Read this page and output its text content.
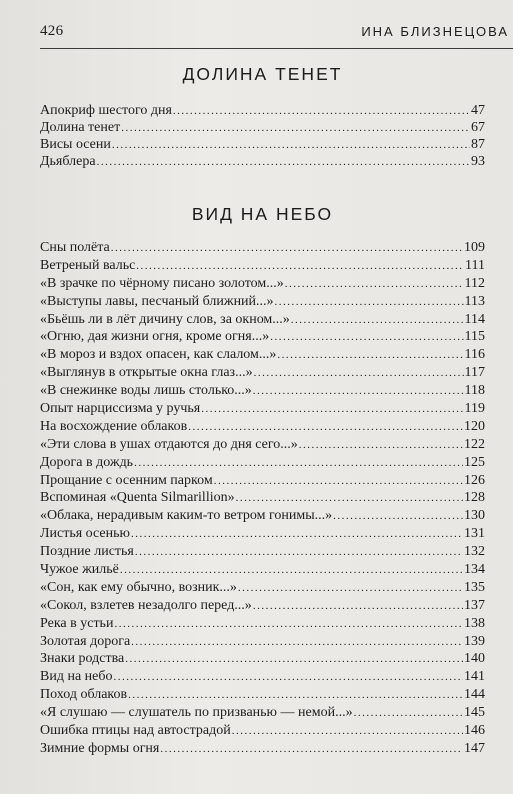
426	ИНА БЛИЗНЕЦОВА
ДОЛИНА ТЕНЕТ
Апокриф шестого дня .....	47
Долина тенет .....	67
Висы осени .....	87
Дьяблера .....	93
ВИД НА НЕБО
Сны полёта .....	109
Ветреный вальс .....	111
«В зрачке по чёрному писано золотом...» .....	112
«Выступы лавы, песчаный ближний...» .....	113
«Бьёшь ли в лёт дичину слов, за окном...» .....	114
«Огню, дая жизни огня, кроме огня...» .....	115
«В мороз и вздох опасен, как слалом...» .....	116
«Выглянув в открытые окна глаз...» .....	117
«В снежинке воды лишь столько...» .....	118
Опыт нарциссизма у ручья .....	119
На восхождение облаков .....	120
«Эти слова в ушах отдаются до дня сего...» .....	122
Дорога в дождь .....	125
Прощание с осенним парком .....	126
Вспоминая «Quenta Silmarillion» .....	128
«Облака, нерадивым каким-то ветром гонимы...» .....	130
Листья осенью .....	131
Поздние листья .....	132
Чужое жильё .....	134
«Сон, как ему обычно, возник...» .....	135
«Сокол, взлетев незадолго перед...» .....	137
Река в устьи .....	138
Золотая дорога .....	139
Знаки родства .....	140
Вид на небо .....	141
Поход облаков .....	144
«Я слушаю — слушатель по призванью — немой...» .....	145
Ошибка птицы над автострадой .....	146
Зимние формы огня .....	147
